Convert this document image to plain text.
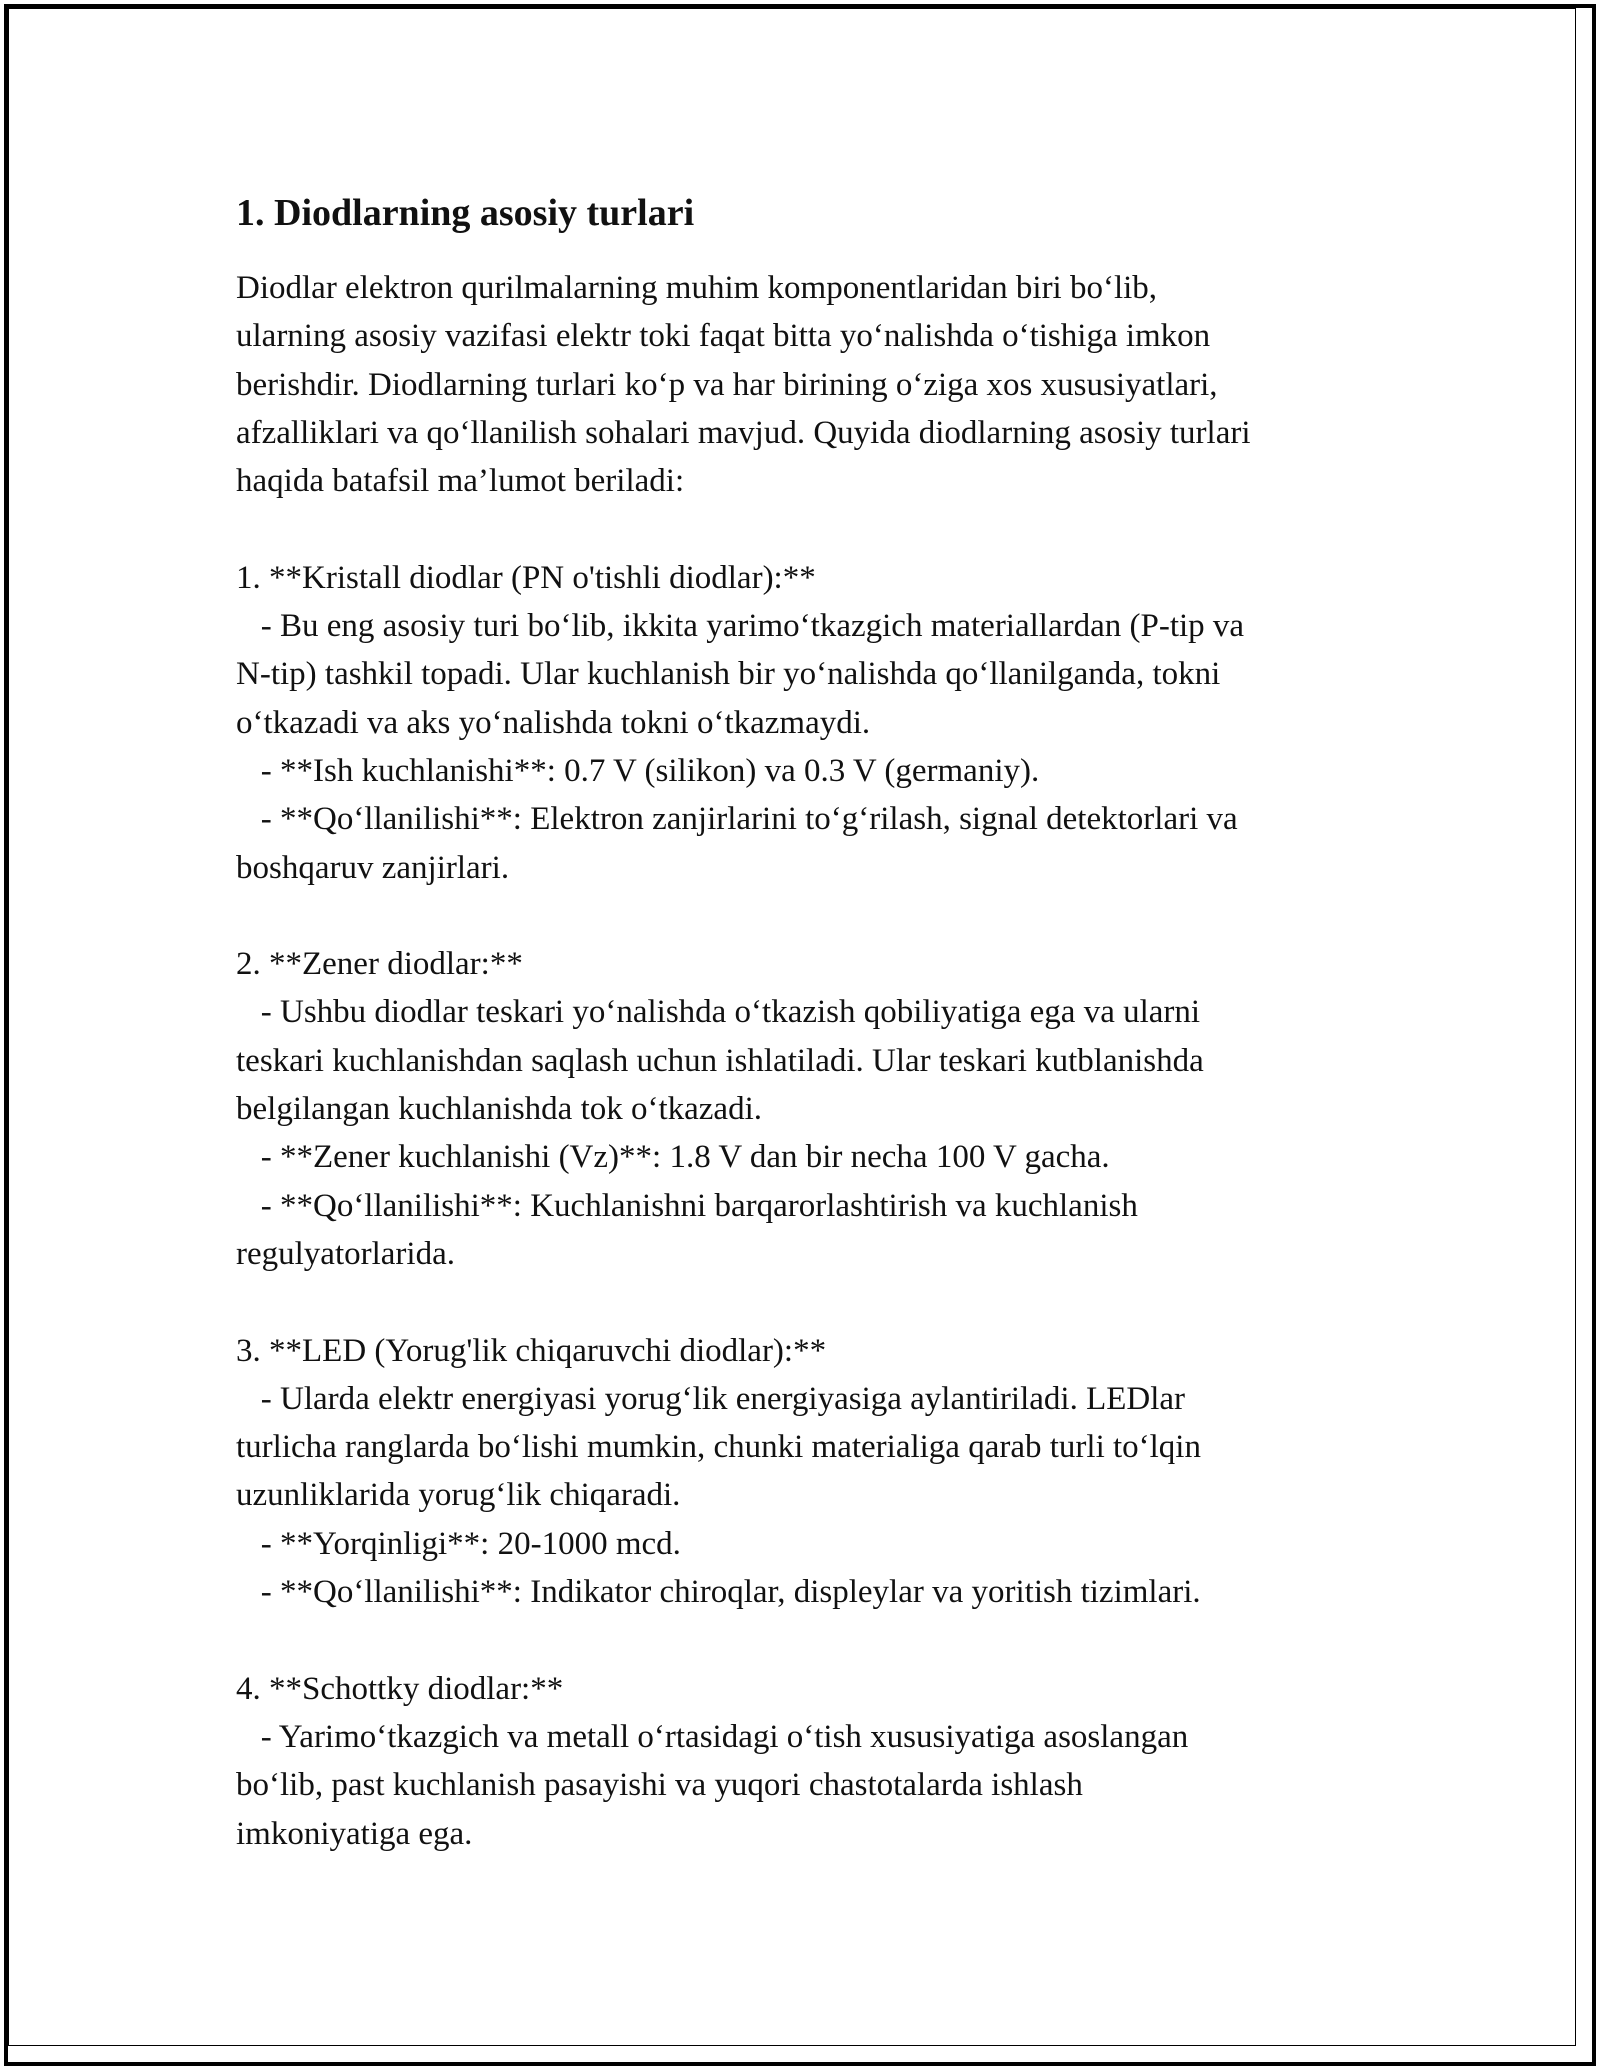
1. Diodlarning asosiy turlari
Diodlar elektron qurilmalarning muhim komponentlaridan biri bo‘lib,
ularning asosiy vazifasi elektr toki faqat bitta yo‘nalishda o‘tishiga imkon
berishdir. Diodlarning turlari ko‘p va har birining o‘ziga xos xususiyatlari,
afzalliklari va qo‘llanilish sohalari mavjud. Quyida diodlarning asosiy turlari
haqida batafsil ma’lumot beriladi:
1. **Kristall diodlar (PN o'tishli diodlar):**
- Bu eng asosiy turi bo‘lib, ikkita yarimo‘tkazgich materiallardan (P-tip va
N-tip) tashkil topadi. Ular kuchlanish bir yo‘nalishda qo‘llanilganda, tokni
o‘tkazadi va aks yo‘nalishda tokni o‘tkazmaydi.
- **Ish kuchlanishi**: 0.7 V (silikon) va 0.3 V (germaniy).
- **Qo‘llanilishi**: Elektron zanjirlarini to‘g‘rilash, signal detektorlari va
boshqaruv zanjirlari.
2. **Zener diodlar:**
- Ushbu diodlar teskari yo‘nalishda o‘tkazish qobiliyatiga ega va ularni
teskari kuchlanishdan saqlash uchun ishlatiladi. Ular teskari kutblanishda
belgilangan kuchlanishda tok o‘tkazadi.
- **Zener kuchlanishi (Vz)**: 1.8 V dan bir necha 100 V gacha.
- **Qo‘llanilishi**: Kuchlanishni barqarorlashtirish va kuchlanish
regulyatorlarida.
3. **LED (Yorug'lik chiqaruvchi diodlar):**
- Ularda elektr energiyasi yorug‘lik energiyasiga aylantiriladi. LEDlar
turlicha ranglarda bo‘lishi mumkin, chunki materialiga qarab turli to‘lqin
uzunliklarida yorug‘lik chiqaradi.
- **Yorqinligi**: 20-1000 mcd.
- **Qo‘llanilishi**: Indikator chiroqlar, displeylar va yoritish tizimlari.
4. **Schottky diodlar:**
- Yarimo‘tkazgich va metall o‘rtasidagi o‘tish xususiyatiga asoslangan
bo‘lib, past kuchlanish pasayishi va yuqori chastotalarda ishlash
imkoniyatiga ega.
